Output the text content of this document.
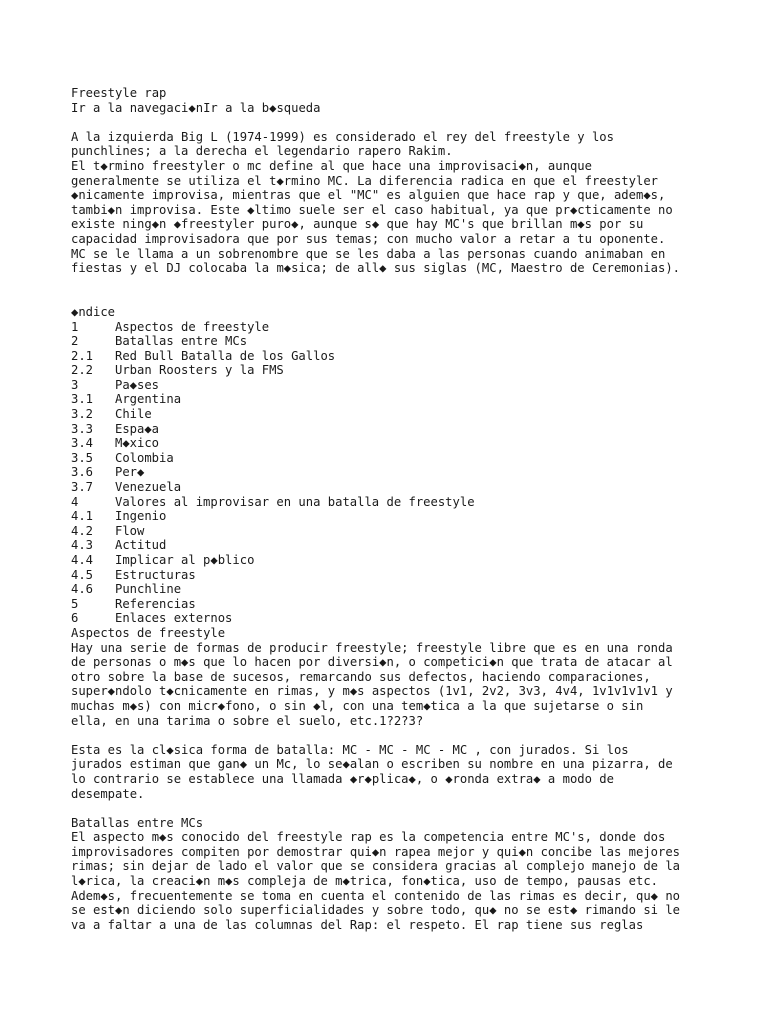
Freestyle rap
Ir a la navegaci◆nIr a la b◆squeda
A la izquierda Big L (1974-1999) es considerado el rey del freestyle y los
punchlines; a la derecha el legendario rapero Rakim.
El t◆rmino freestyler o mc define al que hace una improvisaci◆n, aunque
generalmente se utiliza el t◆rmino MC. La diferencia radica en que el freestyler
◆nicamente improvisa, mientras que el "MC" es alguien que hace rap y que, adem◆s,
tambi◆n improvisa. Este ◆ltimo suele ser el caso habitual, ya que pr◆cticamente no
existe ning◆n ◆freestyler puro◆, aunque s◆ que hay MC's que brillan m◆s por su
capacidad improvisadora que por sus temas; con mucho valor a retar a tu oponente.
MC se le llama a un sobrenombre que se les daba a las personas cuando animaban en
fiestas y el DJ colocaba la m◆sica; de all◆ sus siglas (MC, Maestro de Ceremonias).
◆ndice
1	Aspectos de freestyle
2	Batallas entre MCs
2.1	Red Bull Batalla de los Gallos
2.2	Urban Roosters y la FMS
3	Pa◆ses
3.1	Argentina
3.2	Chile
3.3	Espa◆a
3.4	M◆xico
3.5	Colombia
3.6	Per◆
3.7	Venezuela
4	Valores al improvisar en una batalla de freestyle
4.1	Ingenio
4.2	Flow
4.3	Actitud
4.4	Implicar al p◆blico
4.5	Estructuras
4.6	Punchline
5	Referencias
6	Enlaces externos
Aspectos de freestyle
Hay una serie de formas de producir freestyle; freestyle libre que es en una ronda
de personas o m◆s que lo hacen por diversi◆n, o competici◆n que trata de atacar al
otro sobre la base de sucesos, remarcando sus defectos, haciendo comparaciones,
super◆ndolo t◆cnicamente en rimas, y m◆s aspectos (1v1, 2v2, 3v3, 4v4, 1v1v1v1v1 y
muchas m◆s) con micr◆fono, o sin ◆l, con una tem◆tica a la que sujetarse o sin
ella, en una tarima o sobre el suelo, etc.1?2?3?
Esta es la cl◆sica forma de batalla: MC - MC - MC - MC , con jurados. Si los
jurados estiman que gan◆ un Mc, lo se◆alan o escriben su nombre en una pizarra, de
lo contrario se establece una llamada ◆r◆plica◆, o ◆ronda extra◆ a modo de
desempate.
Batallas entre MCs
El aspecto m◆s conocido del freestyle rap es la competencia entre MC's, donde dos
improvisadores compiten por demostrar qui◆n rapea mejor y qui◆n concibe las mejores
rimas; sin dejar de lado el valor que se considera gracias al complejo manejo de la
l◆rica, la creaci◆n m◆s compleja de m◆trica, fon◆tica, uso de tempo, pausas etc.
Adem◆s, frecuentemente se toma en cuenta el contenido de las rimas es decir, qu◆ no
se est◆n diciendo solo superficialidades y sobre todo, qu◆ no se est◆ rimando si le
va a faltar a una de las columnas del Rap: el respeto. El rap tiene sus reglas
